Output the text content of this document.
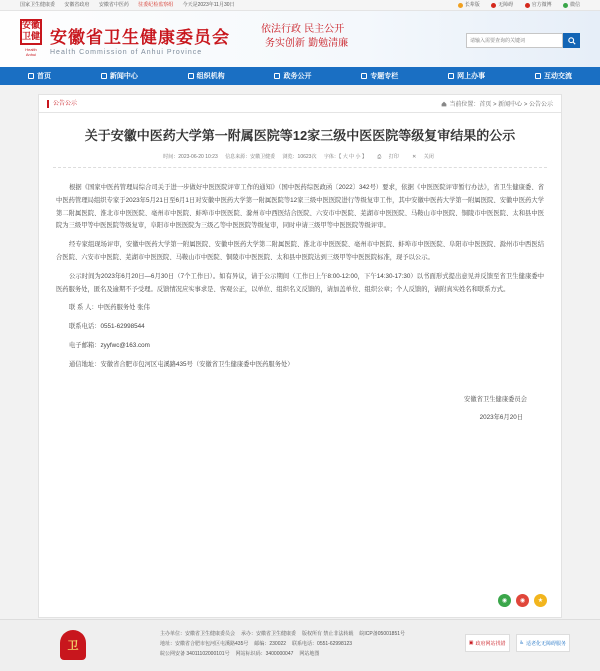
国家卫生健康委 安徽省政府 安徽省中医药 驻委纪检监察组 今天是2023年11月30日	长辈版
	无障碍
	官方微博
	微信
安徽
卫健
Health Anhui
安徽省卫生健康委员会
Health Commission of Anhui Province
依法行政 民主公开
务实创新 勤勉清廉
请输入需要查询的关键词
首页	新闻中心	组织机构	政务公开	专题专栏	网上办事	互动交流
公告公示	当前位置：首页 > 新闻中心 > 公告公示
关于安徽中医药大学第一附属医院等12家三级中医医院等级复审结果的公示
时间：2023-06-20 10:23 信息来源：安徽卫健委 浏览：10623次 字体：【 大 中 小 】 ⎙ 打印	✕ 关闭

根据《国家中医药管理局综合司关于进一步做好中医医院评审工作的通知》（国中医药综医政函〔2022〕342号）要求，依据《中医医院评审暂行办法》，省卫生健康委、省中医药管理局组织专家于2023年5月21日至6月1日对安徽中医药大学第一附属医院等12家三级中医医院进行等级复审工作，其中安徽中医药大学第一附属医院、安徽中医药大学第二附属医院、淮北市中医医院、亳州市中医院、蚌埠市中医医院、滁州市中西医结合医院、六安市中医院、芜湖市中医医院、马鞍山市中医院、铜陵市中医医院、太和县中医院为三级甲等中医医院等级复审，阜阳市中医医院为三级乙等中医医院等级复审，同时申请三级甲等中医医院等级评审。

经专家组现场评审，安徽中医药大学第一附属医院、安徽中医药大学第二附属医院、淮北市中医医院、亳州市中医院、蚌埠市中医医院、阜阳市中医医院、滁州市中西医结合医院、六安市中医院、芜湖市中医医院、马鞍山市中医院、铜陵市中医医院、太和县中医院达到三级甲等中医医院标准，现予以公示。

公示时间为2023年6月20日—6月30日（7个工作日）。如有异议，请于公示期间（工作日上午8:00-12:00，下午14:30-17:30）以书面形式提出意见并反馈至省卫生健康委中医药服务处，匿名及逾期不予受理。反馈情况应实事求是、客观公正，以单位、组织名义反馈的，请加盖单位、组织公章；个人反馈的，请附真实姓名和联系方式。

联 系 人：中医药服务处 张伟

联系电话：0551-62998544

电子邮箱：zyyfwc@163.com

通信地址：安徽省合肥市包河区屯溪路435号（安徽省卫生健康委中医药服务处）

安徽省卫生健康委员会
2023年6月20日
◉	◉	★
卫
主办单位：安徽省卫生健康委员会 承办：安徽省卫生健康委 版权所有 禁止非法转载 皖ICP备05001851号
地址：安徽省合肥市包河区屯溪路435号 邮编：230022 联系电话：0551-62998123
皖公网安备 34011102000101号 网站标识码：3400000047 网站地图
▣ 政府网站找错	♿ 适老化无障碍服务
